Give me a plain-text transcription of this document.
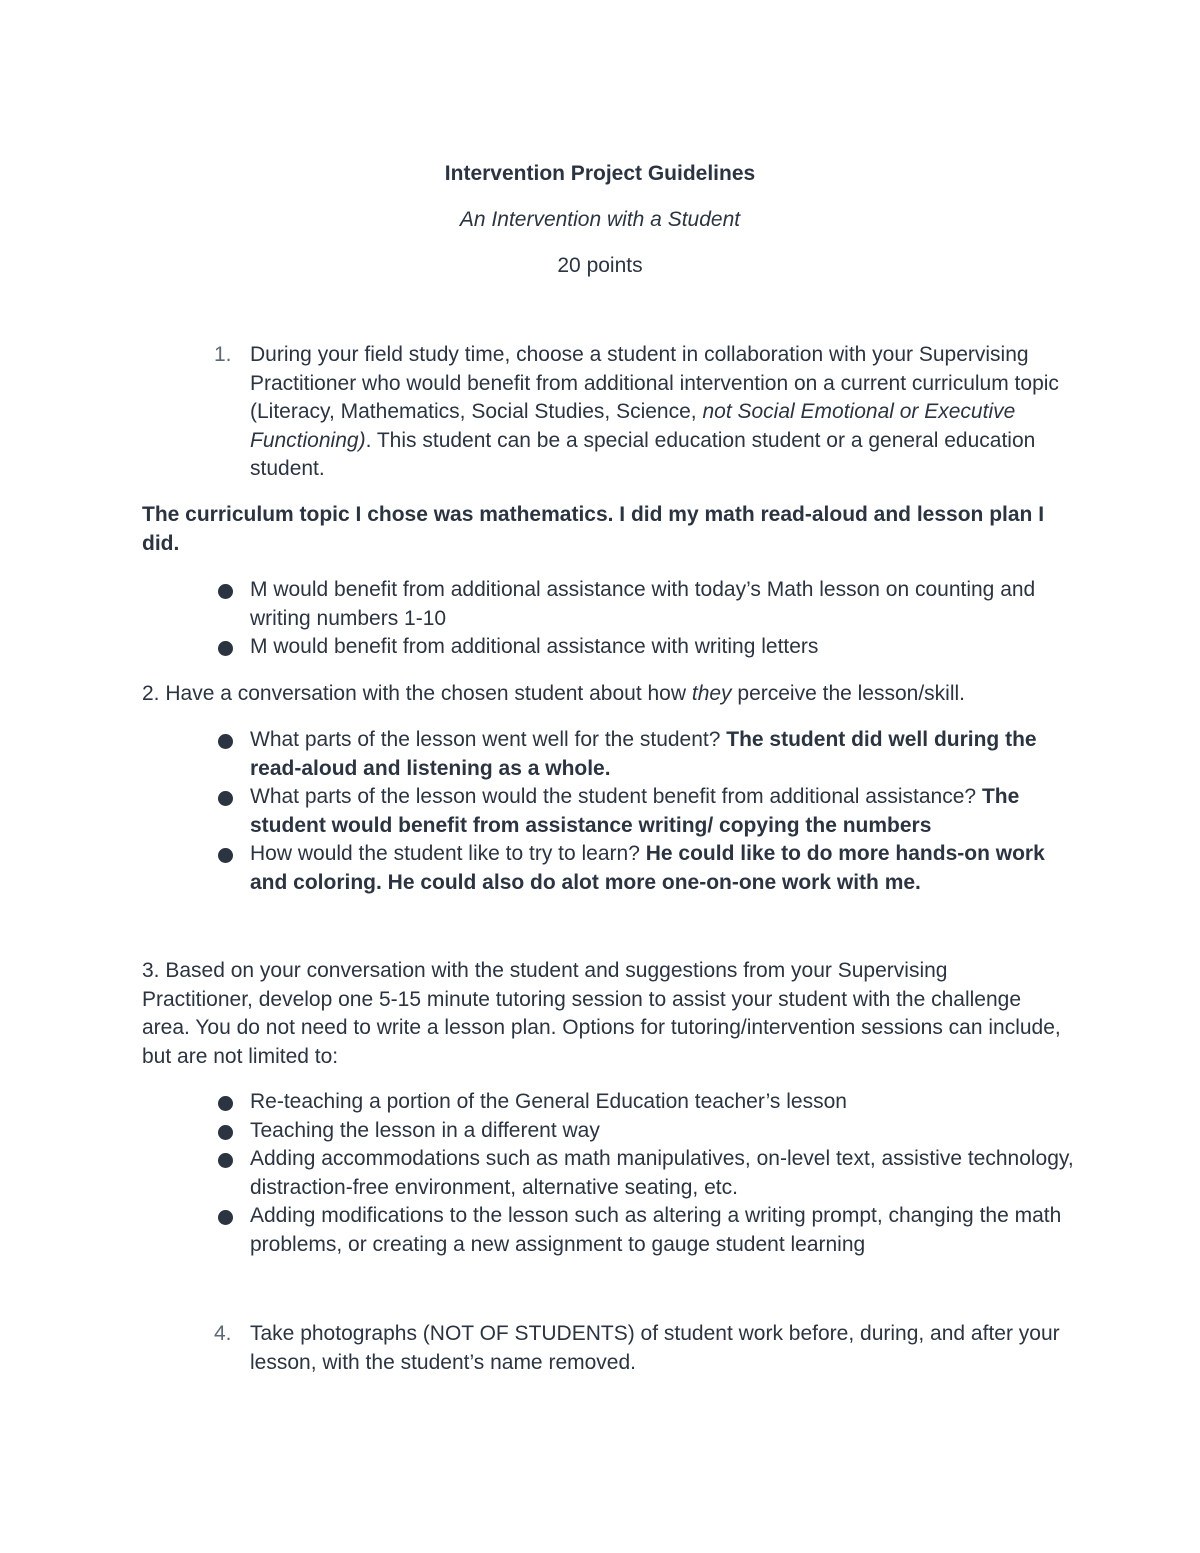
Intervention Project Guidelines
An Intervention with a Student
20 points
1. During your field study time, choose a student in collaboration with your Supervising Practitioner who would benefit from additional intervention on a current curriculum topic (Literacy, Mathematics, Social Studies, Science, not Social Emotional or Executive Functioning). This student can be a special education student or a general education student.

The curriculum topic I chose was mathematics. I did my math read-aloud and lesson plan I did.

M would benefit from additional assistance with today’s Math lesson on counting and writing numbers 1-10
M would benefit from additional assistance with writing letters

2. Have a conversation with the chosen student about how they perceive the lesson/skill.

What parts of the lesson went well for the student? The student did well during the read-aloud and listening as a whole.
What parts of the lesson would the student benefit from additional assistance? The student would benefit from assistance writing/ copying the numbers
How would the student like to try to learn? He could like to do more hands-on work and coloring. He could also do alot more one-on-one work with me.

3. Based on your conversation with the student and suggestions from your Supervising Practitioner, develop one 5-15 minute tutoring session to assist your student with the challenge area. You do not need to write a lesson plan. Options for tutoring/intervention sessions can include, but are not limited to:

Re-teaching a portion of the General Education teacher’s lesson
Teaching the lesson in a different way
Adding accommodations such as math manipulatives, on-level text, assistive technology, distraction-free environment, alternative seating, etc.
Adding modifications to the lesson such as altering a writing prompt, changing the math problems, or creating a new assignment to gauge student learning
4. Take photographs (NOT OF STUDENTS) of student work before, during, and after your lesson, with the student’s name removed.
